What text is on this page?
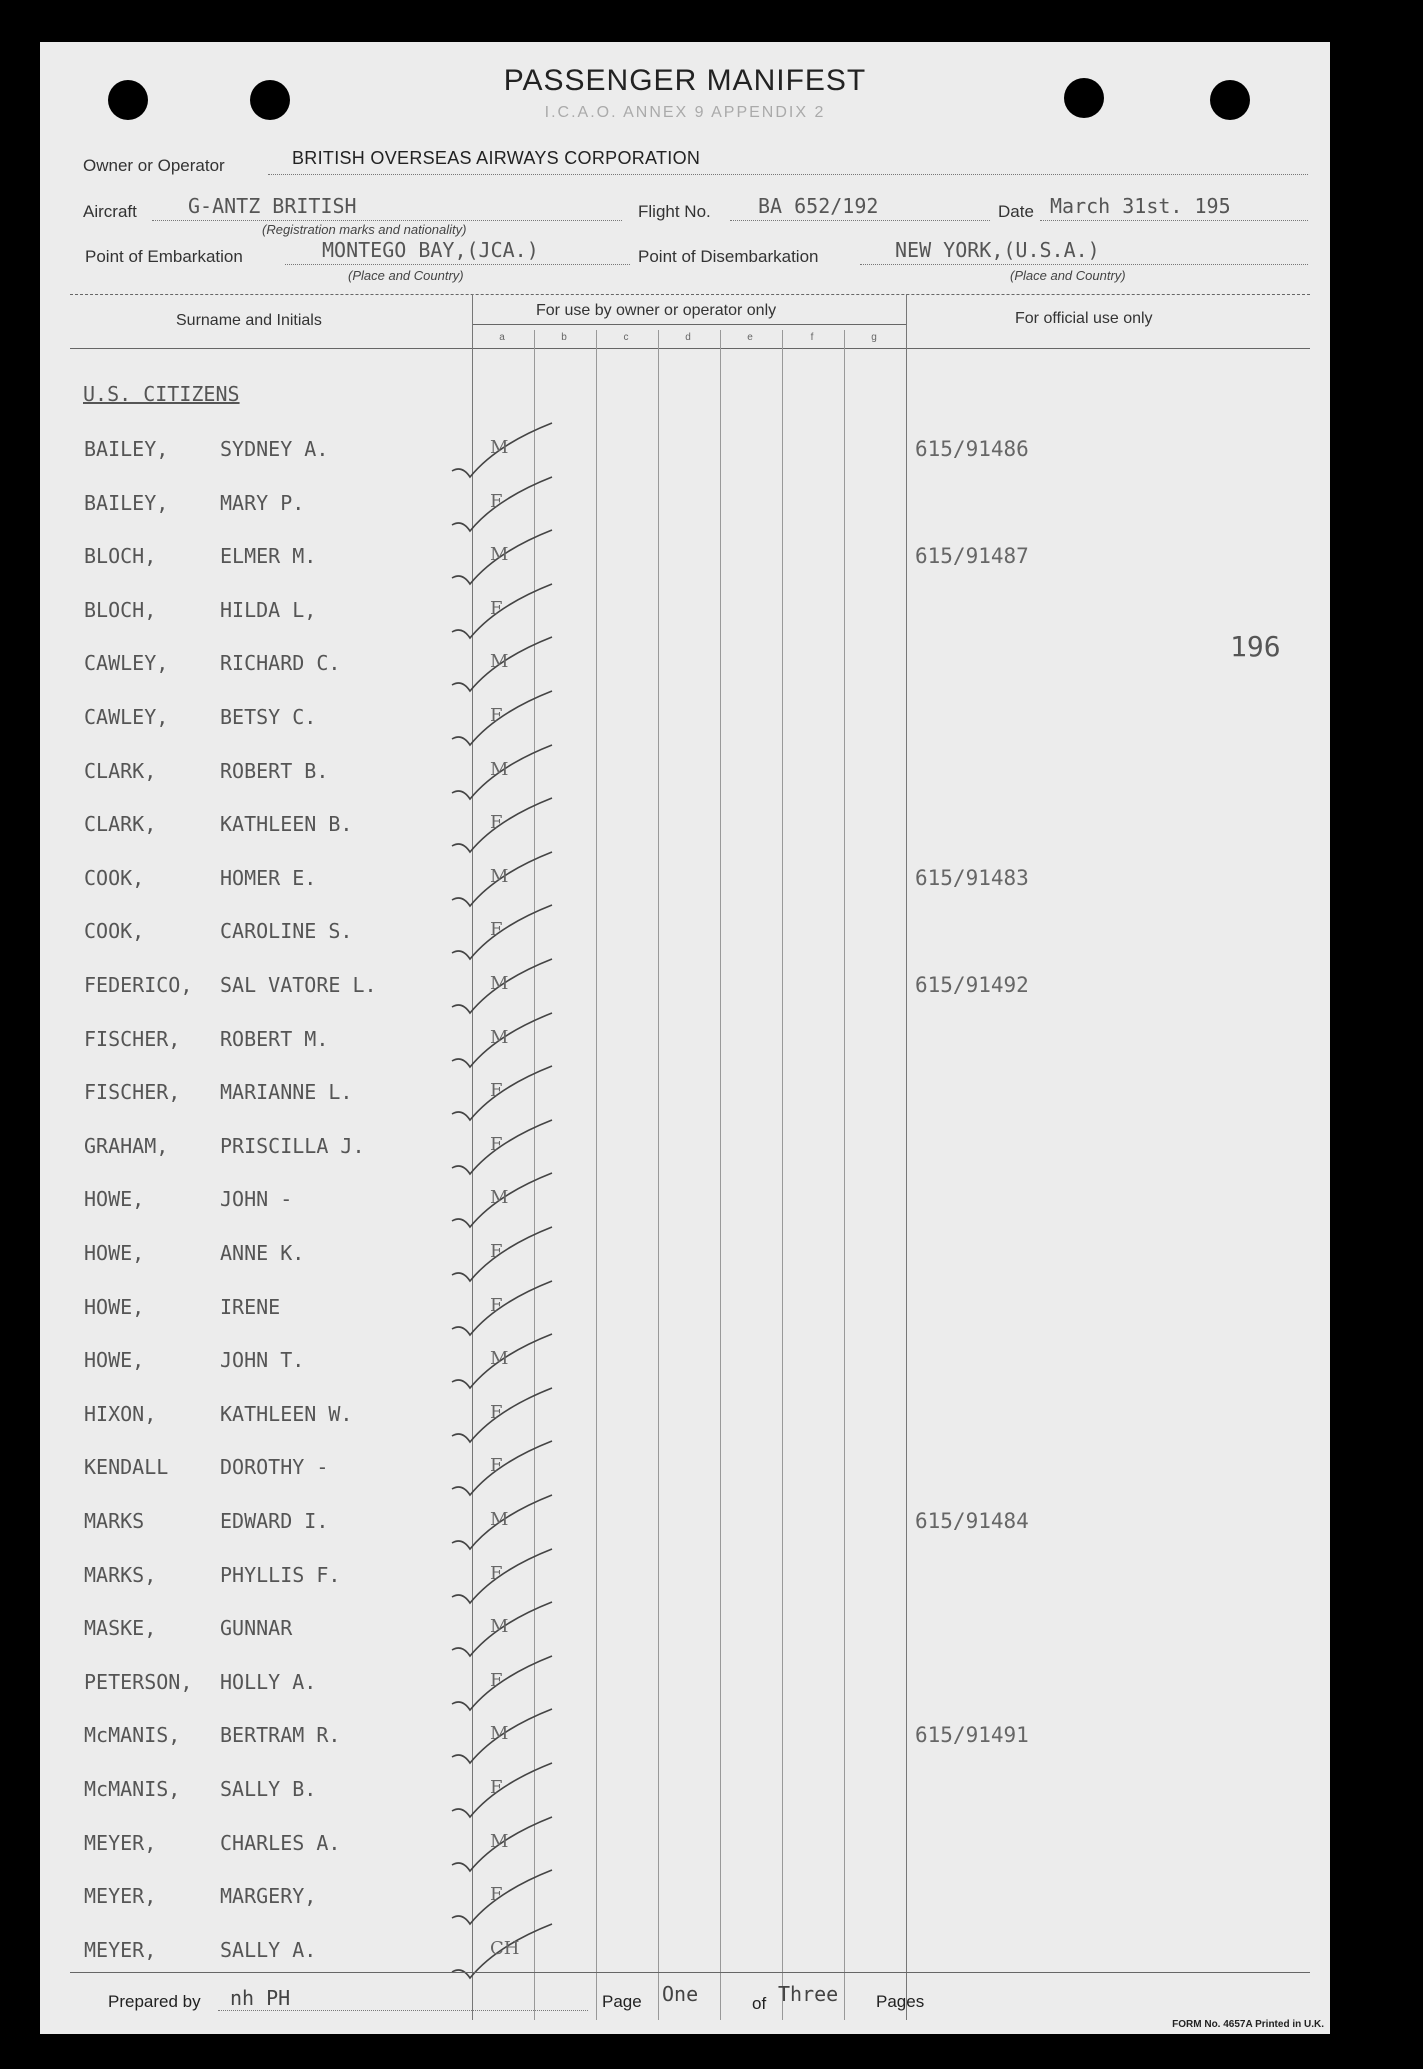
PASSENGER MANIFEST
I.C.A.O. ANNEX 9 APPENDIX 2
Owner or Operator	BRITISH OVERSEAS AIRWAYS CORPORATION
Aircraft	G-ANTZ BRITISH
(Registration marks and nationality)
Flight No. BA 652/192	Date March 31st. 195
Point of Embarkation	MONTEGO BAY,(JCA.)
(Place and Country)
Point of Disembarkation	NEW YORK,(U.S.A.)
(Place and Country)
Surname and Initials
For use by owner or operator only	For official use only
a	b	c	d	e	f	g
U.S. CITIZENS
196
BAILEY,	SYDNEY A.	M	615/91486
BAILEY,	MARY P.	F
BLOCH,	ELMER M.	M	615/91487
BLOCH,	HILDA L,	F
CAWLEY,	RICHARD C.	M
CAWLEY,	BETSY C.	F
CLARK,	ROBERT B.	M
CLARK,	KATHLEEN B.	F
COOK,	HOMER E.	M	615/91483
COOK,	CAROLINE S.	F
FEDERICO, SAL VATORE L.	M	615/91492
FISCHER, ROBERT M.	M
FISCHER, MARIANNE L.	F
GRAHAM,	PRISCILLA J.	F
HOWE,	JOHN -	M
HOWE,	ANNE K.	F
HOWE,	IRENE	F
HOWE,	JOHN T.	M
HIXON,	KATHLEEN W.	F
KENDALL	DOROTHY -	F
MARKS	EDWARD I.	M	615/91484
MARKS,	PHYLLIS F.	F
MASKE,	GUNNAR	M
PETERSON, HOLLY A.	F
McMANIS, BERTRAM R.	M	615/91491
McMANIS, SALLY B.	F
MEYER,	CHARLES A.	M
MEYER,	MARGERY,	F
MEYER,	SALLY A.	CH
Prepared by nh PH	Page One	of Three Pages
FORM No. 4657A Printed in U.K.
